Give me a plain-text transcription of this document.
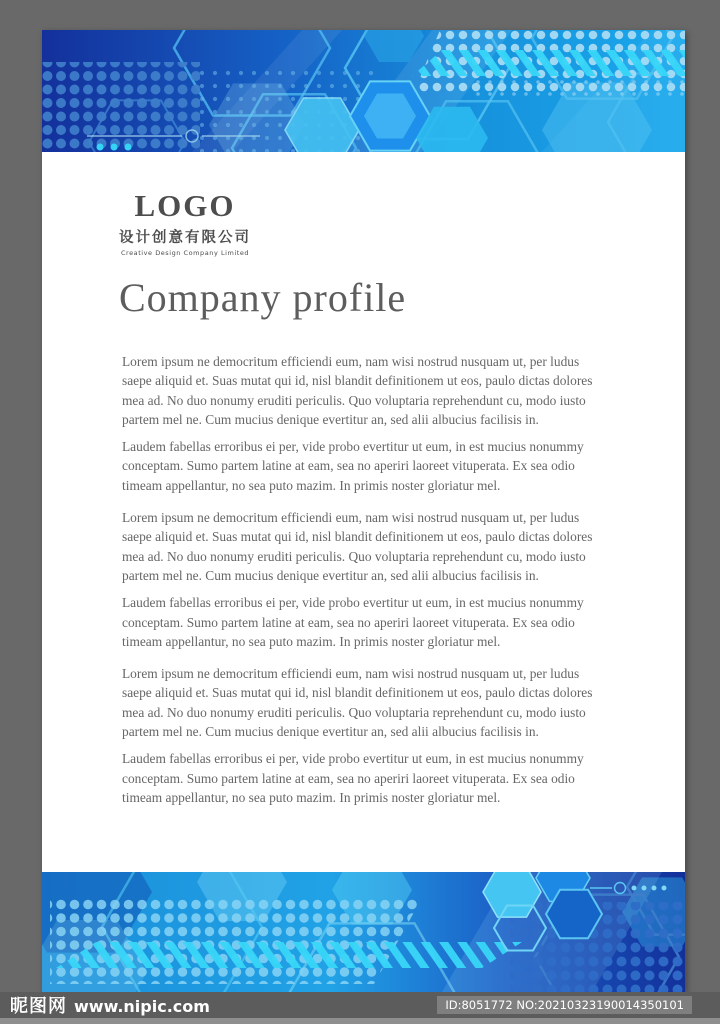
LOGO
设计创意有限公司
Creative Design Company Limited
Company profile

Lorem ipsum ne democritum efficiendi eum, nam wisi nostrud nusquam ut, per ludus saepe aliquid et. Suas mutat qui id, nisl blandit definitionem ut eos, paulo dictas dolores mea ad. No duo nonumy eruditi periculis. Quo voluptaria reprehendunt cu, modo iusto partem mel ne. Cum mucius denique evertitur an, sed alii albucius facilisis in.

Laudem fabellas erroribus ei per, vide probo evertitur ut eum, in est mucius nonummy conceptam. Sumo partem latine at eam, sea no aperiri laoreet vituperata. Ex sea odio timeam appellantur, no sea puto mazim. In primis noster gloriatur mel.

Lorem ipsum ne democritum efficiendi eum, nam wisi nostrud nusquam ut, per ludus saepe aliquid et. Suas mutat qui id, nisl blandit definitionem ut eos, paulo dictas dolores mea ad. No duo nonumy eruditi periculis. Quo voluptaria reprehendunt cu, modo iusto partem mel ne. Cum mucius denique evertitur an, sed alii albucius facilisis in.

Laudem fabellas erroribus ei per, vide probo evertitur ut eum, in est mucius nonummy conceptam. Sumo partem latine at eam, sea no aperiri laoreet vituperata. Ex sea odio timeam appellantur, no sea puto mazim. In primis noster gloriatur mel.

Lorem ipsum ne democritum efficiendi eum, nam wisi nostrud nusquam ut, per ludus saepe aliquid et. Suas mutat qui id, nisl blandit definitionem ut eos, paulo dictas dolores mea ad. No duo nonumy eruditi periculis. Quo voluptaria reprehendunt cu, modo iusto partem mel ne. Cum mucius denique evertitur an, sed alii albucius facilisis in.

Laudem fabellas erroribus ei per, vide probo evertitur ut eum, in est mucius nonummy conceptam. Sumo partem latine at eam, sea no aperiri laoreet vituperata. Ex sea odio timeam appellantur, no sea puto mazim. In primis noster gloriatur mel.

昵图网 www.nipic.com	ID:8051772 NO:20210323190014350101
